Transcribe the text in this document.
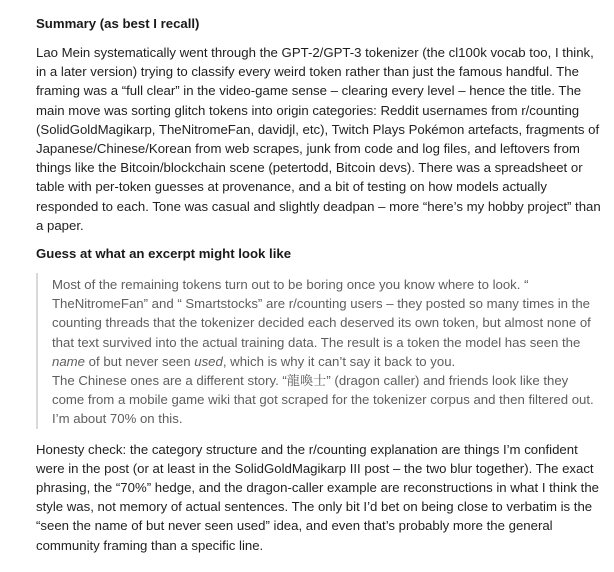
Summary (as best I recall)

Lao Mein systematically went through the GPT-2/GPT-3 tokenizer (the cl100k vocab too, I think, in a later version) trying to classify every weird token rather than just the famous handful. The framing was a “full clear” in the video-game sense – clearing every level – hence the title. The main move was sorting glitch tokens into origin categories: Reddit usernames from r/counting (SolidGoldMagikarp, TheNitromeFan, davidjl, etc), Twitch Plays Pokémon artefacts, fragments of Japanese/Chinese/Korean from web scrapes, junk from code and log files, and leftovers from things like the Bitcoin/blockchain scene (petertodd, Bitcoin devs). There was a spreadsheet or table with per-token guesses at provenance, and a bit of testing on how models actually responded to each. Tone was casual and slightly deadpan – more “here’s my hobby project” than a paper.

Guess at what an excerpt might look like

Most of the remaining tokens turn out to be boring once you know where to look. “ TheNitromeFan” and “ Smartstocks” are r/counting users – they posted so many times in the counting threads that the tokenizer decided each deserved its own token, but almost none of that text survived into the actual training data. The result is a token the model has seen the name of but never seen used, which is why it can’t say it back to you.

The Chinese ones are a different story. “龍喚士” (dragon caller) and friends look like they come from a mobile game wiki that got scraped for the tokenizer corpus and then filtered out. I’m about 70% on this.

Honesty check: the category structure and the r/counting explanation are things I’m confident were in the post (or at least in the SolidGoldMagikarp III post – the two blur together). The exact phrasing, the “70%” hedge, and the dragon-caller example are reconstructions in what I think the style was, not memory of actual sentences. The only bit I’d bet on being close to verbatim is the “seen the name of but never seen used” idea, and even that’s probably more the general community framing than a specific line.
